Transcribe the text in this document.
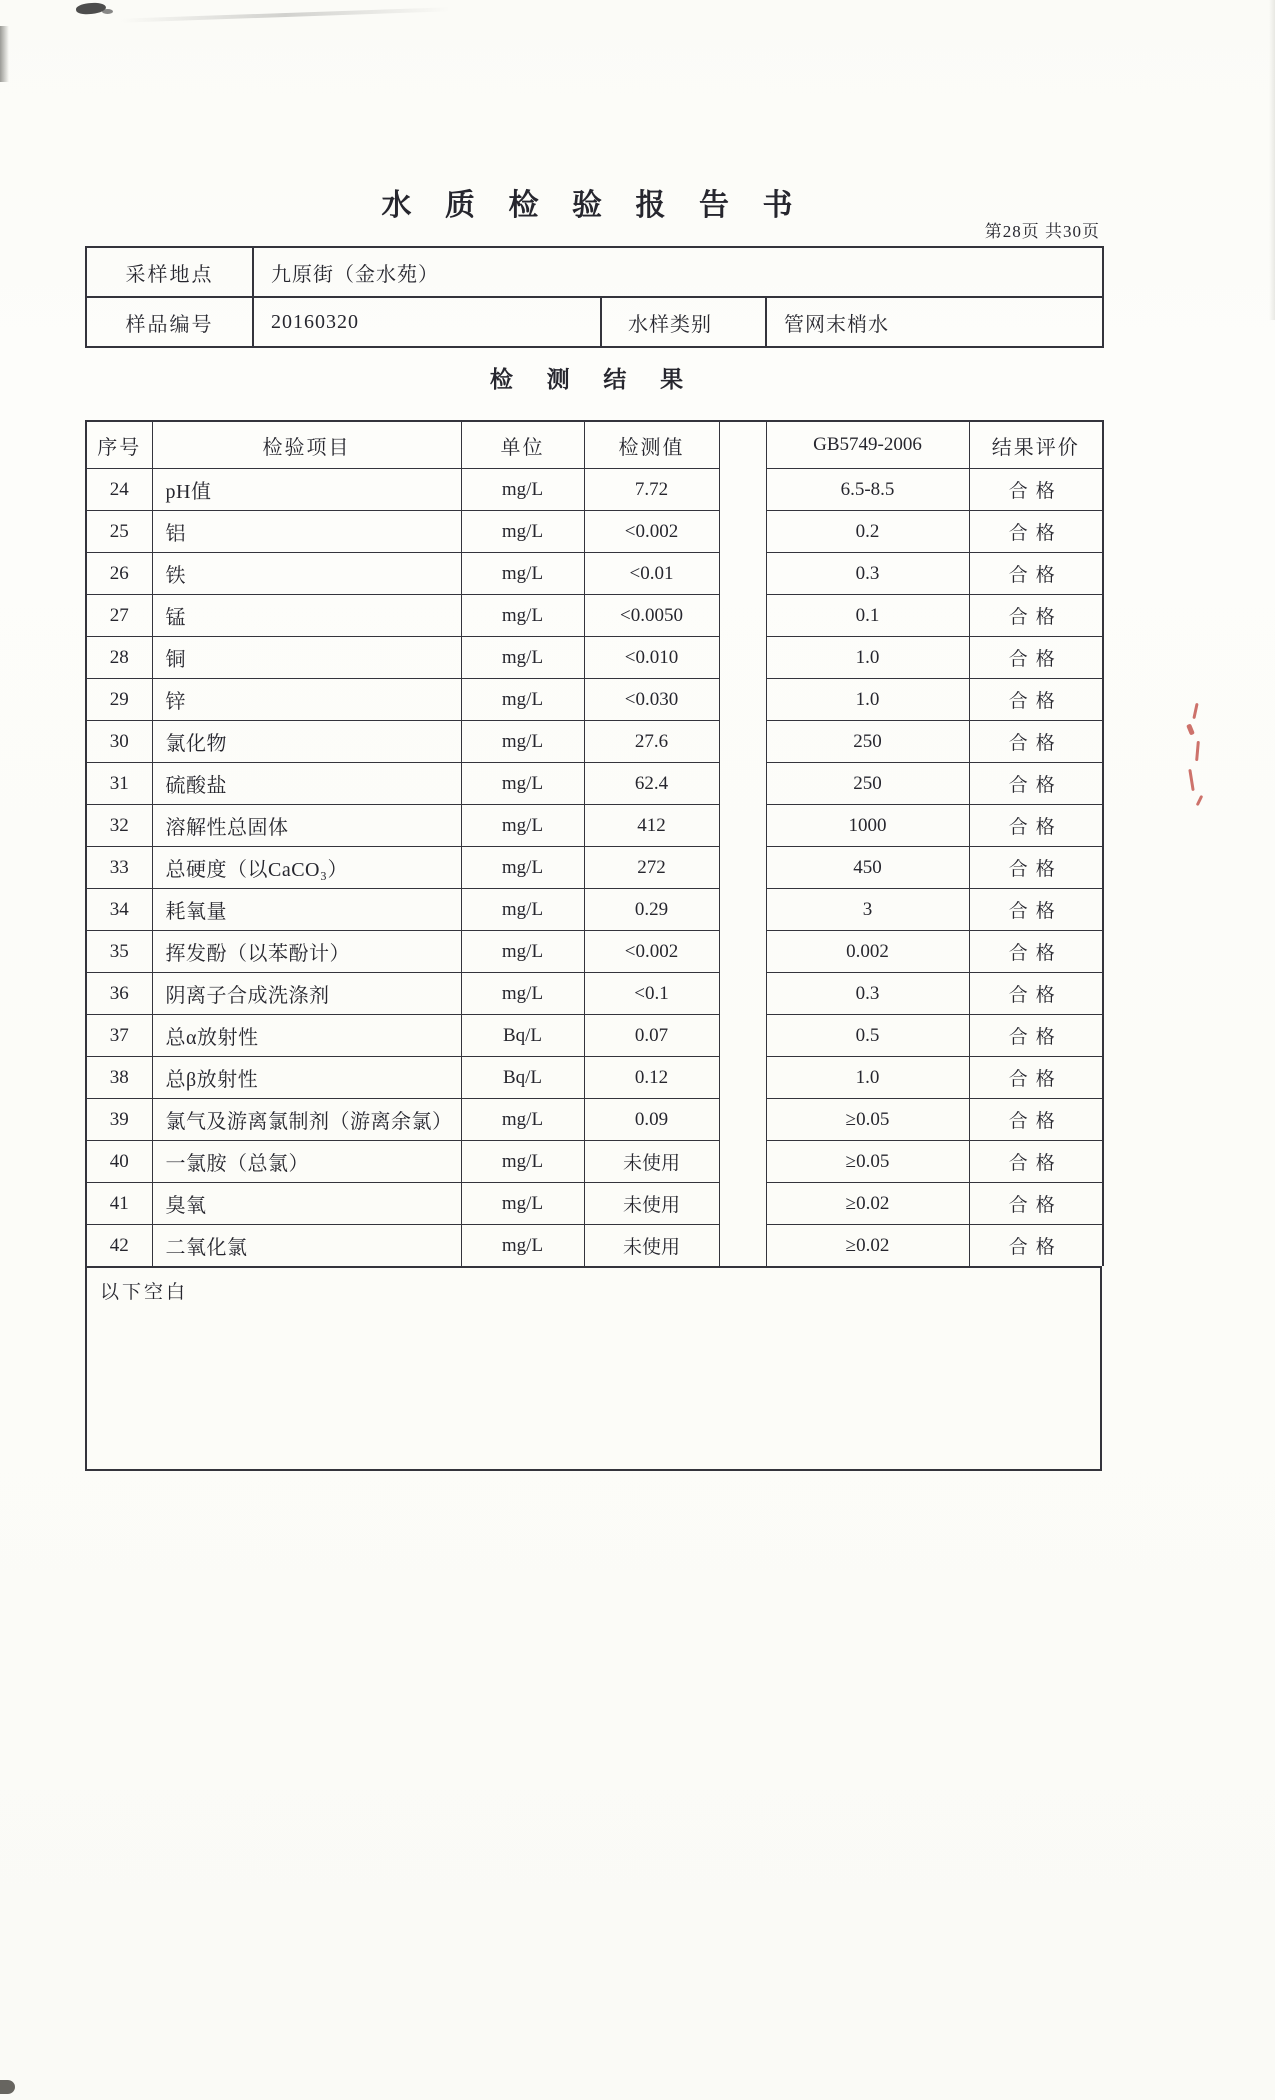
水 质 检 验 报 告 书
第28页 共30页
采样地点	九原街（金水苑）		
样品编号	20160320	水样类别	管网末梢水
检 测 结 果
序号	检验项目	单位	检测值		GB5749-2006	结果评价
24	pH值	mg/L	7.72		6.5-8.5	合格
25	铝	mg/L	<0.002		0.2	合格
26	铁	mg/L	<0.01		0.3	合格
27	锰	mg/L	<0.0050		0.1	合格
28	铜	mg/L	<0.010		1.0	合格
29	锌	mg/L	<0.030		1.0	合格
30	氯化物	mg/L	27.6		250	合格
31	硫酸盐	mg/L	62.4		250	合格
32	溶解性总固体	mg/L	412		1000	合格
33	总硬度（以CaCO₃）	mg/L	272		450	合格
34	耗氧量	mg/L	0.29		3	合格
35	挥发酚（以苯酚计）	mg/L	<0.002		0.002	合格
36	阴离子合成洗涤剂	mg/L	<0.1		0.3	合格
37	总α放射性	Bq/L	0.07		0.5	合格
38	总β放射性	Bq/L	0.12		1.0	合格
39	氯气及游离氯制剂（游离余氯）	mg/L	0.09		≥0.05	合格
40	一氯胺（总氯）	mg/L	未使用		≥0.05	合格
41	臭氧	mg/L	未使用		≥0.02	合格
42	二氧化氯	mg/L	未使用		≥0.02	合格
以下空白
